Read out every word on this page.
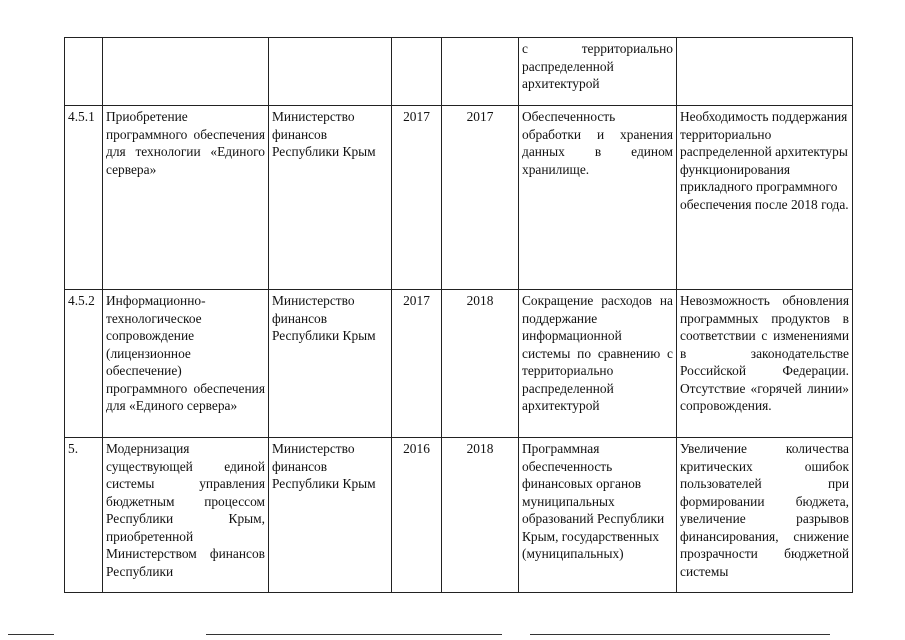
					с территориально распределенной архитектурой	

4.5.1	Приобретение программного обеспечения для технологии «Единого сервера»	Министерство финансов Республики Крым	2017	2017	Обеспеченность обработки и хранения данных в едином хранилище.	Необходимость поддержания территориально распределенной архитектуры функционирования прикладного программного обеспечения после 2018 года.

4.5.2	Информационно-технологическое сопровождение (лицензионное обеспечение) программного обеспечения для «Единого сервера»	Министерство финансов Республики Крым	2017	2018	Сокращение расходов на поддержание информационной системы по сравнению с территориально распределенной архитектурой	Невозможность обновления программных продуктов в соответствии с изменениями в законодательстве Российской Федерации. Отсутствие «горячей линии» сопровождения.

5.	Модернизация существующей единой системы управления бюджетным процессом Республики Крым, приобретенной Министерством финансов Республики	Министерство финансов Республики Крым	2016	2018	Программная обеспеченность финансовых органов муниципальных образований Республики Крым, государственных (муниципальных)	Увеличение количества критических ошибок пользователей при формировании бюджета, увеличение разрывов финансирования, снижение прозрачности бюджетной системы
